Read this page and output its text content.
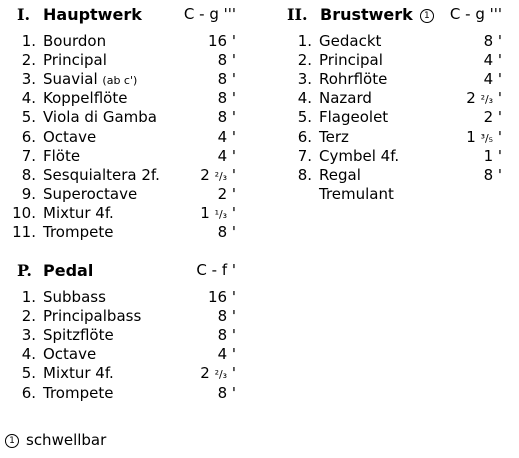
I. Hauptwerk	C - g '''
1. Bourdon	16 '
2. Principal	8 '
3. Suavial (ab c')	8 '
4. Koppelflöte	8 '
5. Viola di Gamba	8 '
6. Octave	4 '
7. Flöte	4 '
8. Sesquialtera 2f.	2 ²/₃ '
9. Superoctave	2 '
10. Mixtur 4f.	1 ¹/₃ '
11. Trompete	8 '
II. Brustwerk 1 C - g '''
1. Gedackt	8 '
2. Principal	4 '
3. Rohrflöte	4 '
4. Nazard	2 ²/₃ '
5. Flageolet	2 '
6. Terz	1 ³/₅ '
7. Cymbel 4f.	1 '
8. Regal	8 '
Tremulant
P. Pedal	C - f '
1. Subbass	16 '
2. Principalbass	8 '
3. Spitzflöte	8 '
4. Octave	4 '
5. Mixtur 4f.	2 ²/₃ '
6. Trompete	8 '
1 schwellbar
